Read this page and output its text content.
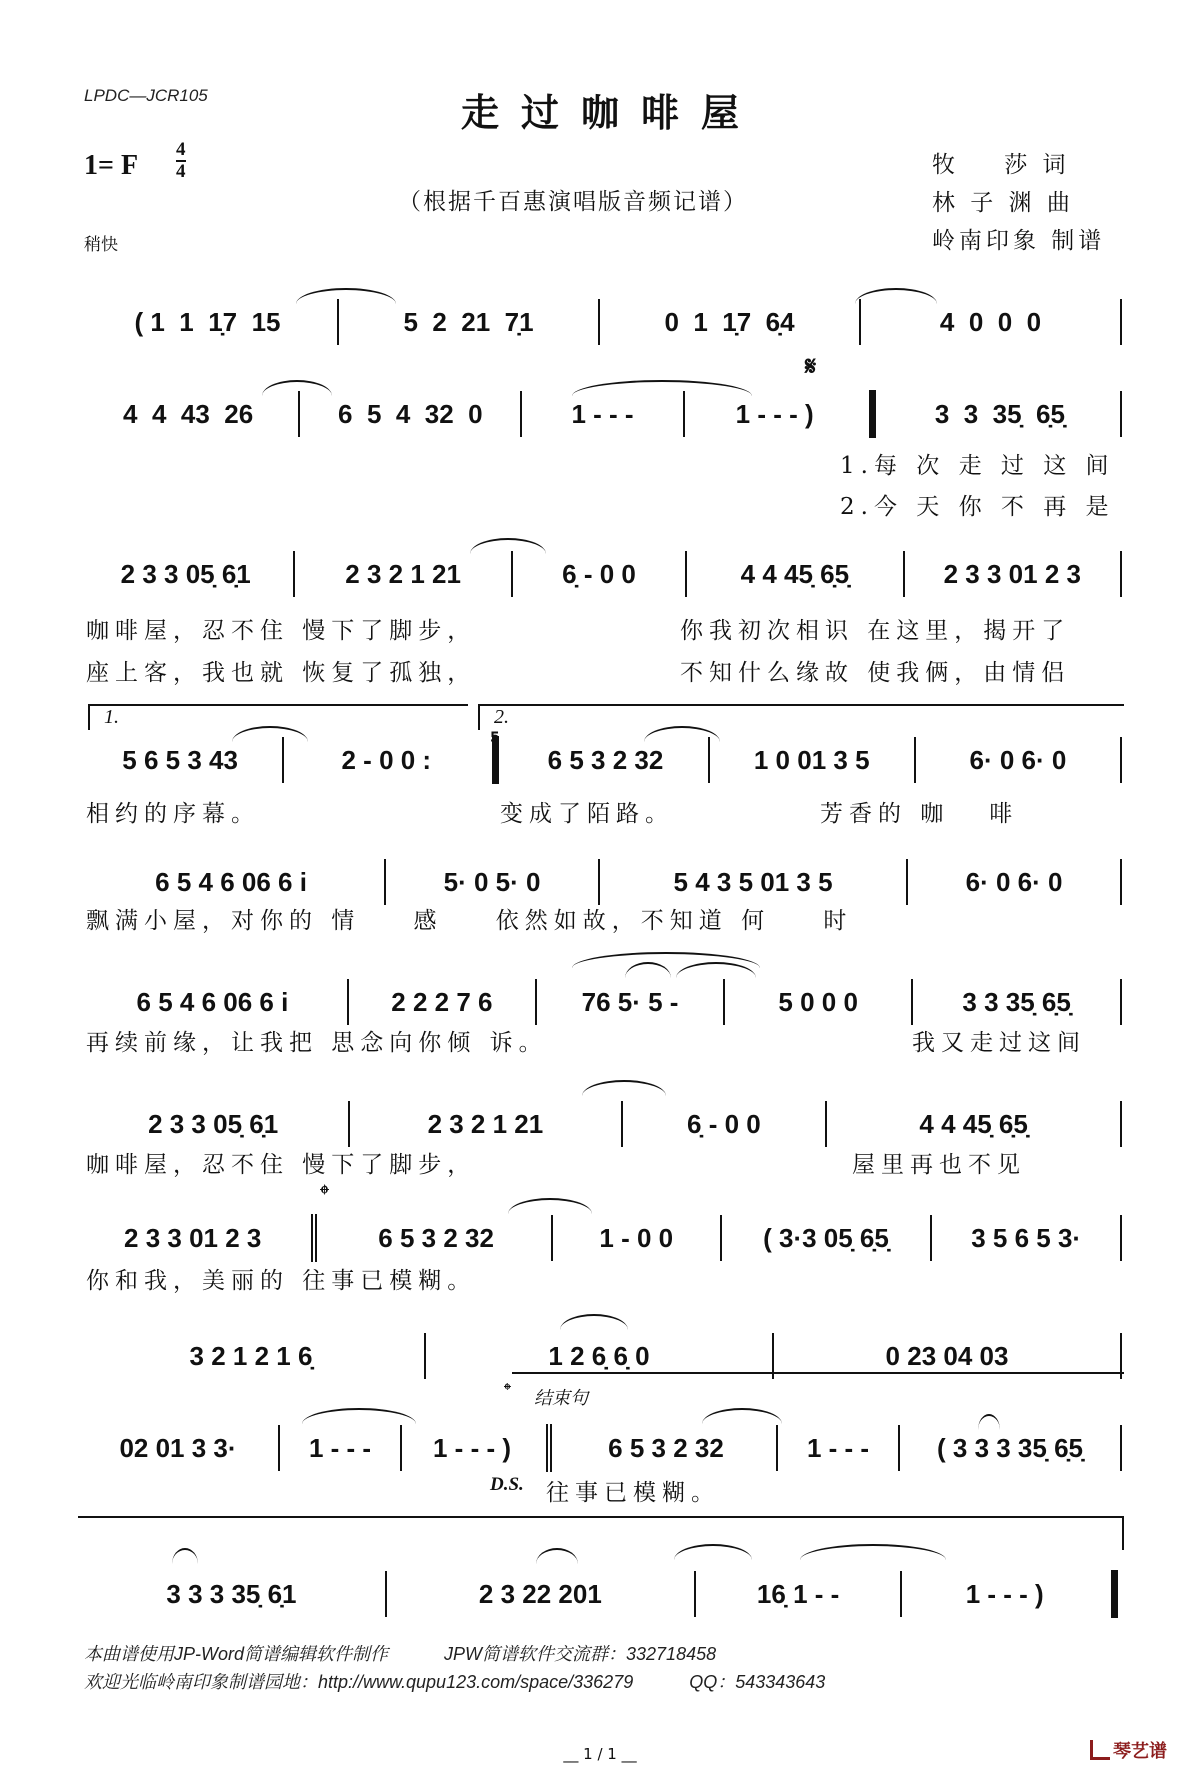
LPDC—JCR105	走过咖啡屋
1= F
4
4
（根据千百惠演唱版音频记谱）
稍快
牧    莎 词
林 子 渊 曲
岭南印象 制谱
( 1  1  1̣7  15	5  2  21  7̣1	0  1  1̣7  6̣4	4  0  0  0
𝄋
4  4  43  26	6  5  4  32  0	1 - - -	1 - - - )	3  3  35̣  6̣5̣
1.每 次 走 过 这 间
2.今 天 你 不 再 是
2 3 3 05̣ 6̣1	2 3 2 1 21	6̣ - 0 0	4 4 45̣ 6̣5̣	2 3 3 01 2 3
咖啡屋，忍不住 慢下了脚步，	你我初次相识 在这里，揭开了
座上客，我也就 恢复了孤独，	不知什么缘故 使我俩，由情侣
1.	2.
5
5 6 5 3 43	2 - 0 0 :	6 5 3 2 32	1 0 01 3 5	6· 0 6· 0
相约的序幕。	变成了陌路。	芳香的 咖   啡
6 5 4 6 06 6 i	5· 0 5· 0	5 4 3 5 01 3 5	6· 0 6· 0
飘满小屋，对你的 情    感    依然如故，不知道 何    时
6 5 4 6 06 6 i	2 2 2 7 6	76 5· 5 -	5 0 0 0	3 3 35̣ 6̣5̣
再续前缘，让我把 思念向你倾 诉。	我又走过这间
2 3 3 05̣ 6̣1	2 3 2 1 21	6̣ - 0 0	4 4 45̣ 6̣5̣
咖啡屋，忍不住 慢下了脚步，	屋里再也不见
𝄌
2 3 3 01 2 3	6 5 3 2 32	1 - 0 0	( 3·3 05̣ 6̣5̣	3 5 6 5 3·
你和我，美丽的 往事已模糊。
3 2 1 2 1 6̣	1 2 6̣ 6̣ 0	0 23 04 03
𝄌 结束句
02 01 3 3·	1 - - -	1 - - - )	6 5 3 2 32	1 - - -	( 3 3 3 35̣ 6̣5̣
D.S. 往事已模糊。
3 3 3 35̣ 6̣1	2 3 22 201	16̣ 1 - -	1 - - - )
本曲谱使用JP-Word简谱编辑软件制作	JPW简谱软件交流群：332718458
欢迎光临岭南印象制谱园地：http://www.qupu123.com/space/336279	QQ：543343643
__ 1 / 1 __	琴艺谱
